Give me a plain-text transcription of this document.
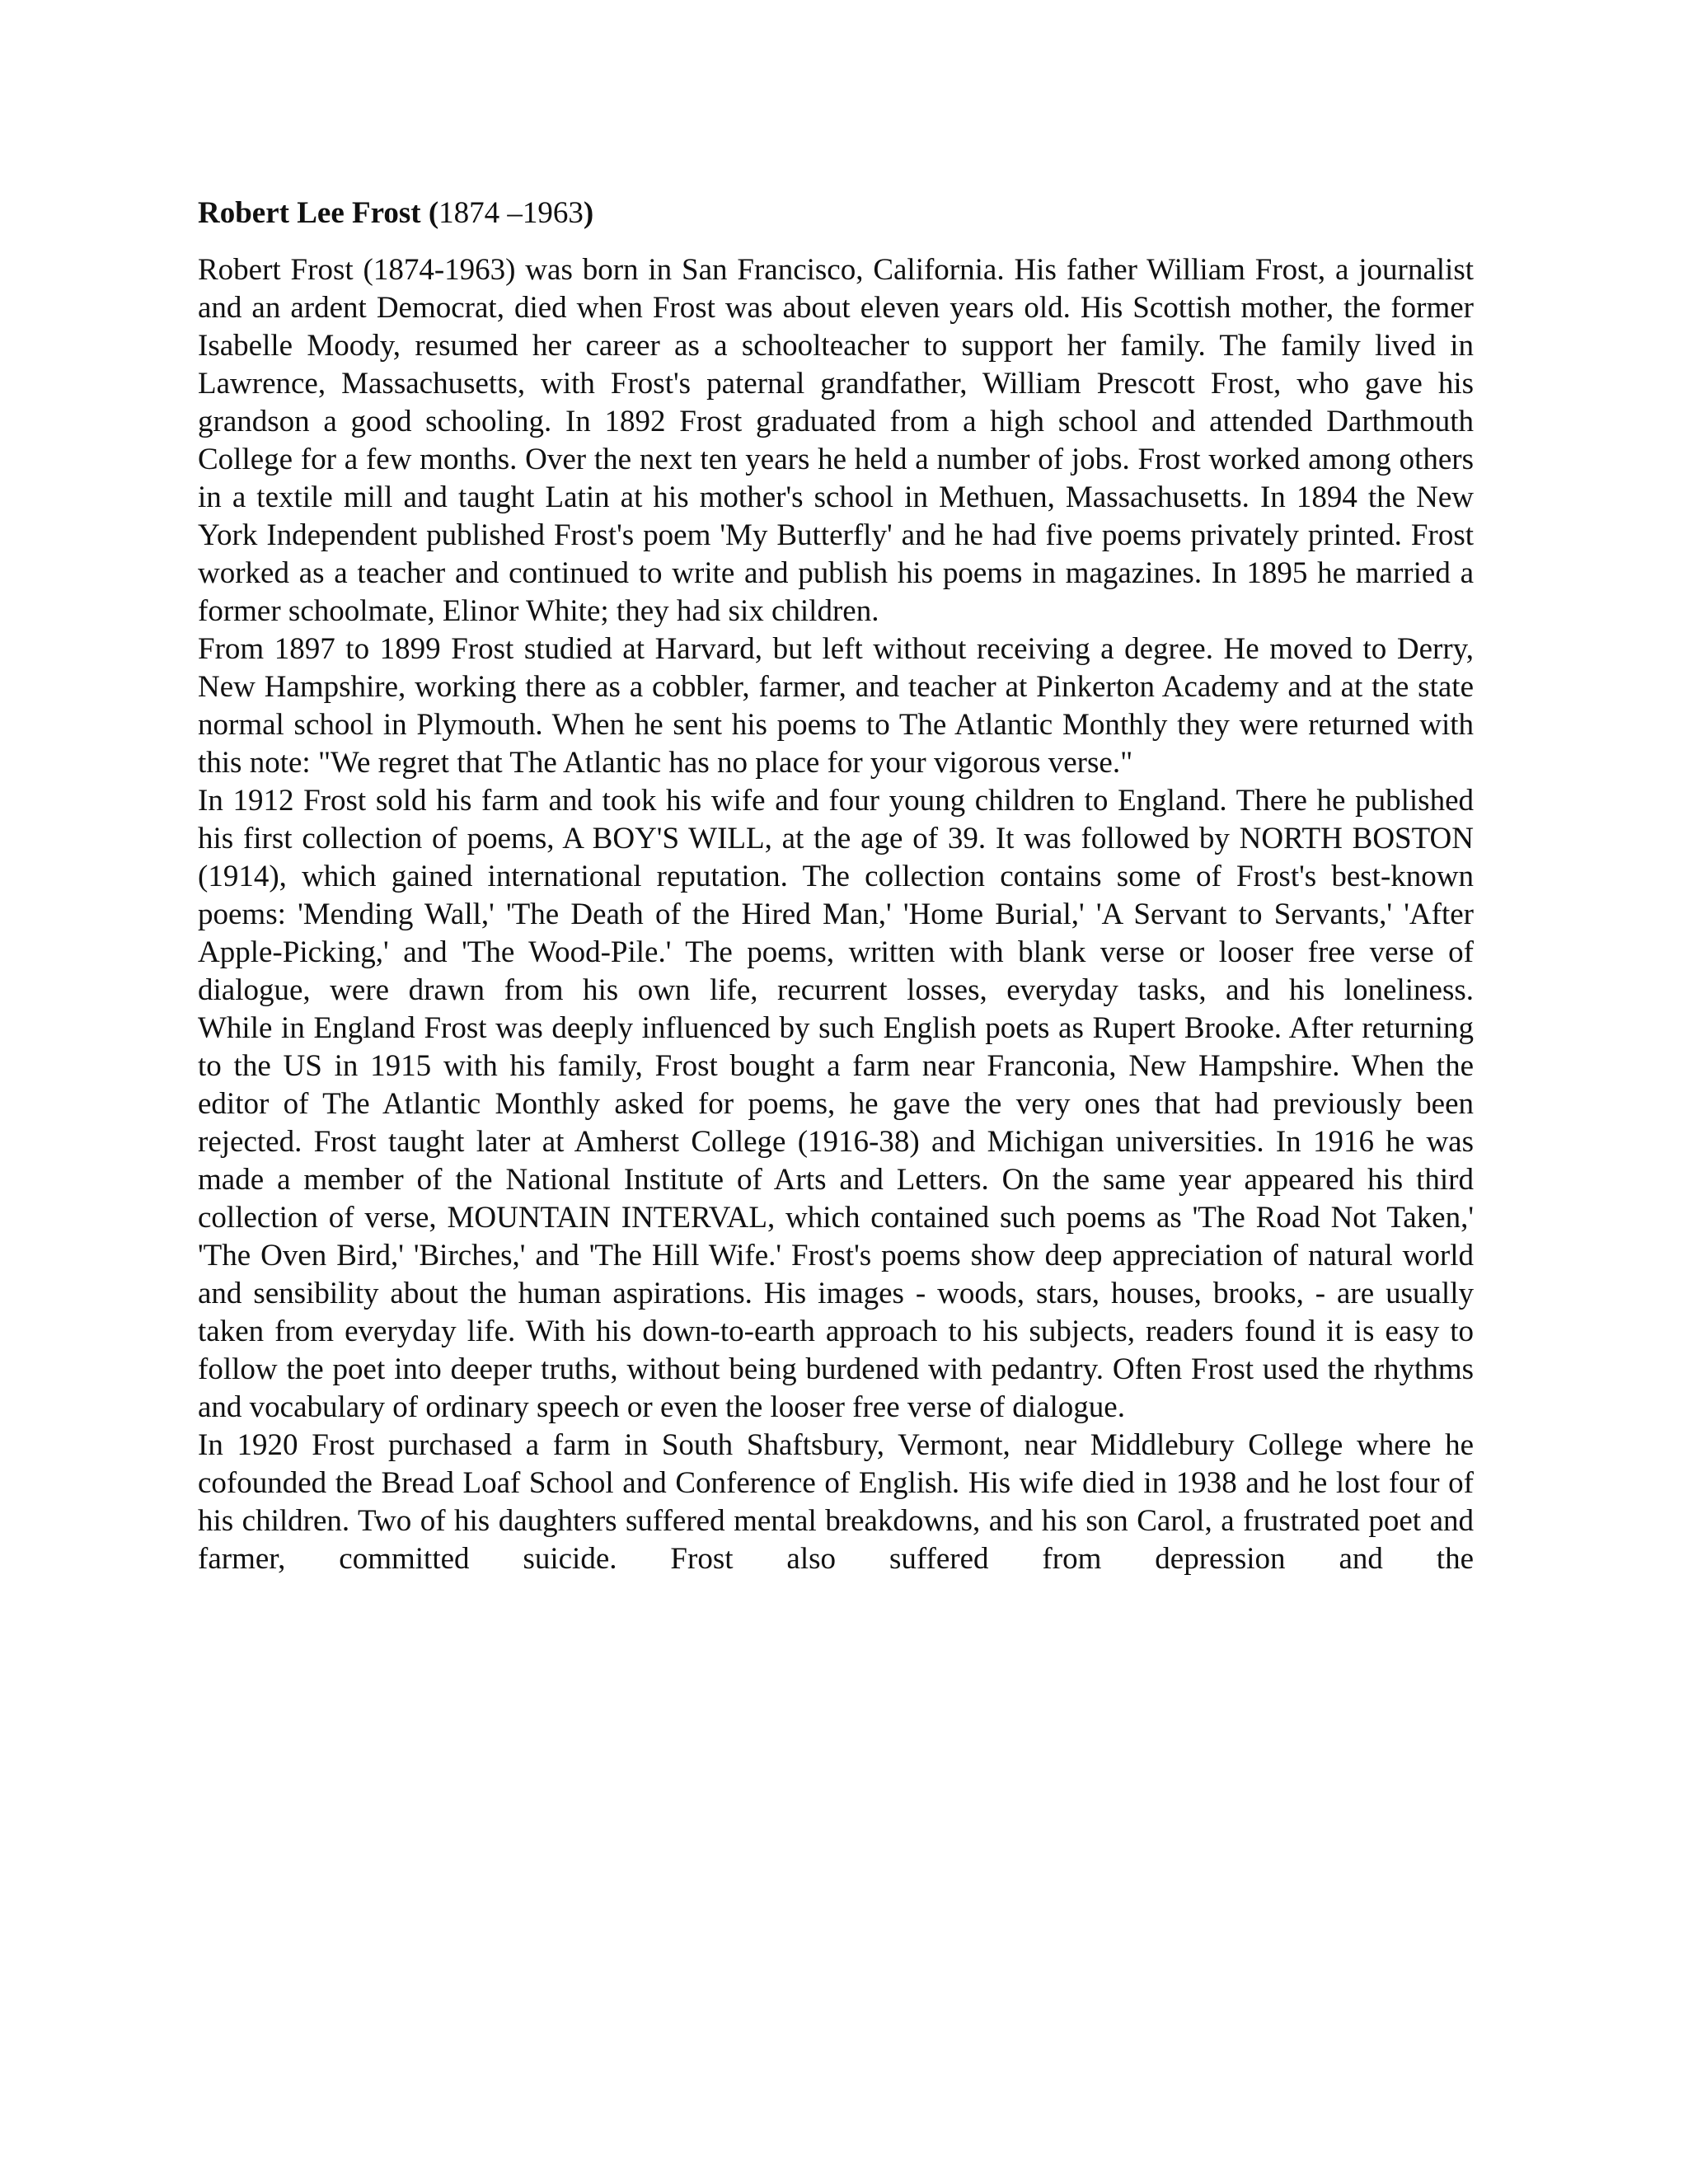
Robert Lee Frost (1874 –1963)

Robert Frost (1874-1963) was born in San Francisco, California. His father William Frost, a journalist and an ardent Democrat, died when Frost was about eleven years old. His Scottish mother, the former Isabelle Moody, resumed her career as a schoolteacher to support her family. The family lived in Lawrence, Massachusetts, with Frost's paternal grandfather, William Prescott Frost, who gave his grandson a good schooling. In 1892 Frost graduated from a high school and attended Darthmouth College for a few months. Over the next ten years he held a number of jobs. Frost worked among others in a textile mill and taught Latin at his mother's school in Methuen, Massachusetts. In 1894 the New York Independent published Frost's poem 'My Butterfly' and he had five poems privately printed. Frost worked as a teacher and continued to write and publish his poems in magazines. In 1895 he married a former schoolmate, Elinor White; they had six children.

From 1897 to 1899 Frost studied at Harvard, but left without receiving a degree. He moved to Derry, New Hampshire, working there as a cobbler, farmer, and teacher at Pinkerton Academy and at the state normal school in Plymouth. When he sent his poems to The Atlantic Monthly they were returned with this note: "We regret that The Atlantic has no place for your vigorous verse."

In 1912 Frost sold his farm and took his wife and four young children to England. There he published his first collection of poems, A BOY'S WILL, at the age of 39. It was followed by NORTH BOSTON (1914), which gained international reputation. The collection contains some of Frost's best-known poems: 'Mending Wall,' 'The Death of the Hired Man,' 'Home Burial,' 'A Servant to Servants,' 'After Apple-Picking,' and 'The Wood-Pile.' The poems, written with blank verse or looser free verse of dialogue, were drawn from his own life, recurrent losses, everyday tasks, and his loneliness.

While in England Frost was deeply influenced by such English poets as Rupert Brooke. After returning to the US in 1915 with his family, Frost bought a farm near Franconia, New Hampshire. When the editor of The Atlantic Monthly asked for poems, he gave the very ones that had previously been rejected. Frost taught later at Amherst College (1916-38) and Michigan universities. In 1916 he was made a member of the National Institute of Arts and Letters. On the same year appeared his third collection of verse, MOUNTAIN INTERVAL, which contained such poems as 'The Road Not Taken,' 'The Oven Bird,' 'Birches,' and 'The Hill Wife.' Frost's poems show deep appreciation of natural world and sensibility about the human aspirations. His images - woods, stars, houses, brooks, - are usually taken from everyday life. With his down-to-earth approach to his subjects, readers found it is easy to follow the poet into deeper truths, without being burdened with pedantry. Often Frost used the rhythms and vocabulary of ordinary speech or even the looser free verse of dialogue.

In 1920 Frost purchased a farm in South Shaftsbury, Vermont, near Middlebury College where he cofounded the Bread Loaf School and Conference of English. His wife died in 1938 and he lost four of his children. Two of his daughters suffered mental breakdowns, and his son Carol, a frustrated poet and farmer, committed suicide. Frost also suffered from depression and the
